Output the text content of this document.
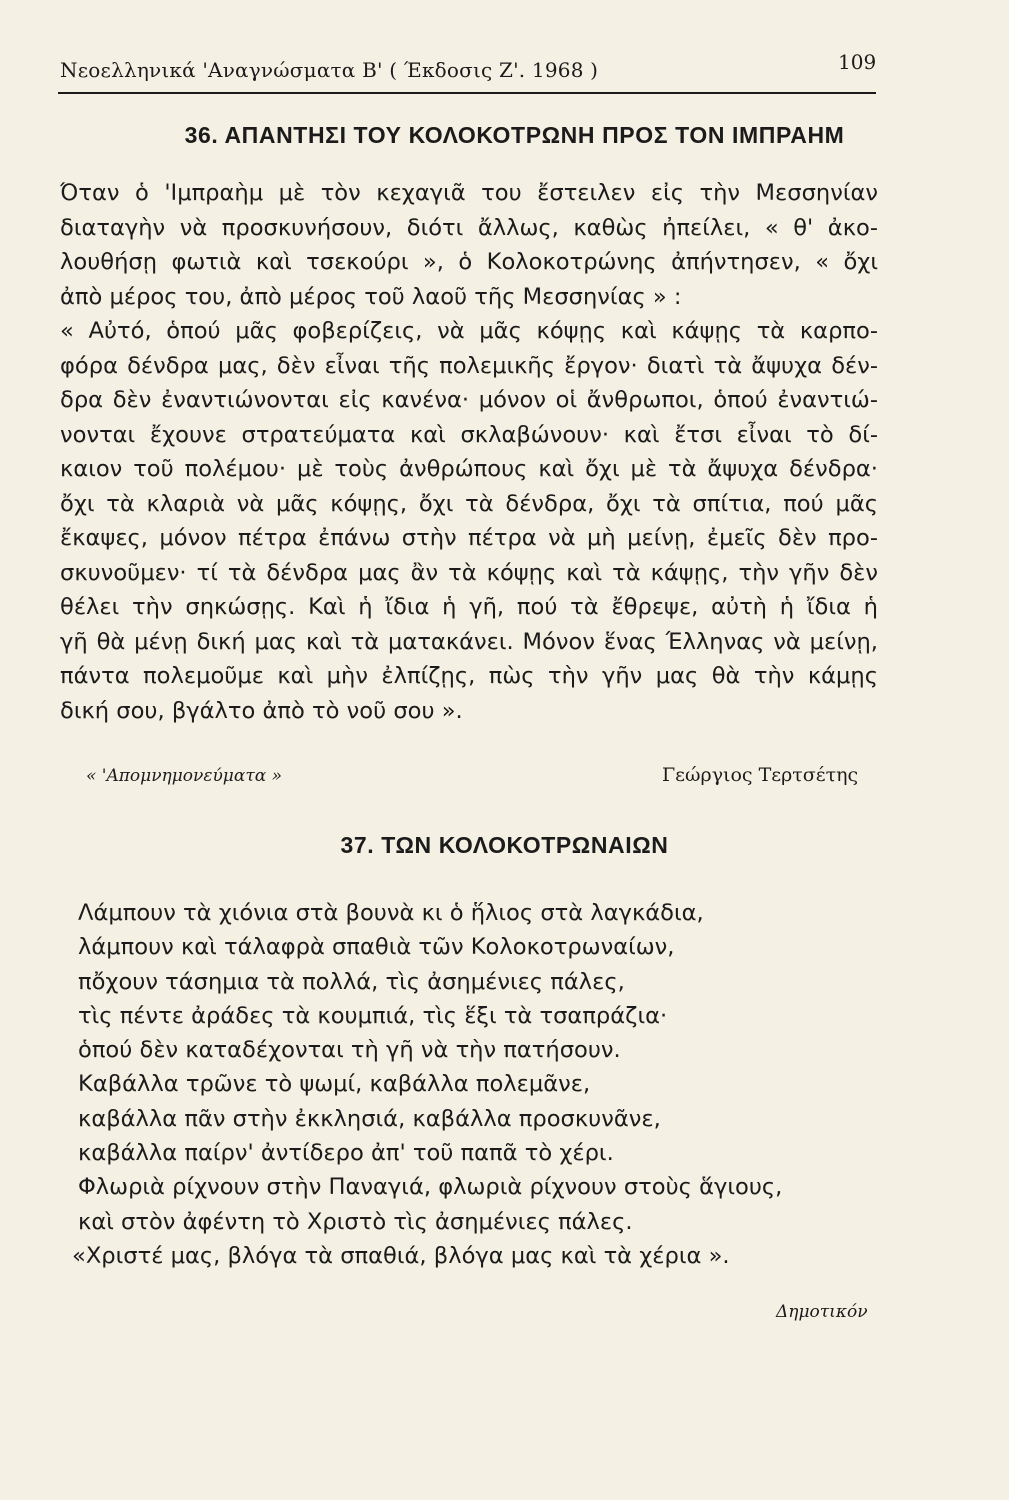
Νεοελληνικά 'Αναγνώσματα Β' ( Έκδοσις Ζ'. 1968 )	109
36. ΑΠΑΝΤΗΣΙ ΤΟΥ ΚΟΛΟΚΟΤΡΩΝΗ ΠΡΟΣ ΤΟΝ ΙΜΠΡΑΗΜ
Όταν ὁ 'Ιμπραὴμ μὲ τὸν κεχαγιᾶ του ἔστειλεν εἰς τὴν Μεσσηνίαν
διαταγὴν νὰ προσκυνήσουν, διότι ἄλλως, καθὼς ἠπείλει, « θ' ἀκο-
λουθήσῃ φωτιὰ καὶ τσεκούρι », ὁ Κολοκοτρώνης ἀπήντησεν, « ὄχι
ἀπὸ μέρος του, ἀπὸ μέρος τοῦ λαοῦ τῆς Μεσσηνίας » :
« Αὐτό, ὁπού μᾶς φοβερίζεις, νὰ μᾶς κόψῃς καὶ κάψῃς τὰ καρπο-
φόρα δένδρα μας, δὲν εἶναι τῆς πολεμικῆς ἔργον· διατὶ τὰ ἄψυχα δέν-
δρα δὲν ἐναντιώνονται εἰς κανένα· μόνον οἱ ἄνθρωποι, ὁπού ἐναντιώ-
νονται ἔχουνε στρατεύματα καὶ σκλαβώνουν· καὶ ἔτσι εἶναι τὸ δί-
καιον τοῦ πολέμου· μὲ τοὺς ἀνθρώπους καὶ ὄχι μὲ τὰ ἄψυχα δένδρα·
ὄχι τὰ κλαριὰ νὰ μᾶς κόψῃς, ὄχι τὰ δένδρα, ὄχι τὰ σπίτια, πού μᾶς
ἔκαψες, μόνον πέτρα ἐπάνω στὴν πέτρα νὰ μὴ μείνῃ, ἐμεῖς δὲν προ-
σκυνοῦμεν· τί τὰ δένδρα μας ἂν τὰ κόψῃς καὶ τὰ κάψῃς, τὴν γῆν δὲν
θέλει τὴν σηκώσῃς. Καὶ ἡ ἴδια ἡ γῆ, πού τὰ ἔθρεψε, αὐτὴ ἡ ἴδια ἡ
γῆ θὰ μένῃ δική μας καὶ τὰ ματακάνει. Μόνον ἕνας Έλληνας νὰ μείνῃ,
πάντα πολεμοῦμε καὶ μὴν ἐλπίζῃς, πὼς τὴν γῆν μας θὰ τὴν κάμῃς
δική σου, βγάλτο ἀπὸ τὸ νοῦ σου ».
« 'Απομνημονεύματα »	Γεώργιος Τερτσέτης
37. ΤΩΝ ΚΟΛΟΚΟΤΡΩΝΑΙΩΝ
Λάμπουν τὰ χιόνια στὰ βουνὰ κι ὁ ἥλιος στὰ λαγκάδια,
λάμπουν καὶ τάλαφρὰ σπαθιὰ τῶν Κολοκοτρωναίων,
πὄχουν τάσημια τὰ πολλά, τὶς ἀσημένιες πάλες,
τὶς πέντε ἀράδες τὰ κουμπιά, τὶς ἕξι τὰ τσαπράζια·
ὁπού δὲν καταδέχονται τὴ γῆ νὰ τὴν πατήσουν.
Καβάλλα τρῶνε τὸ ψωμί, καβάλλα πολεμᾶνε,
καβάλλα πᾶν στὴν ἐκκλησιά, καβάλλα προσκυνᾶνε,
καβάλλα παίρν' ἀντίδερο ἀπ' τοῦ παπᾶ τὸ χέρι.
Φλωριὰ ρίχνουν στὴν Παναγιά, φλωριὰ ρίχνουν στοὺς ἅγιους,
καὶ στὸν ἀφέντη τὸ Χριστὸ τὶς ἀσημένιες πάλες.
«Χριστέ μας, βλόγα τὰ σπαθιά, βλόγα μας καὶ τὰ χέρια ».
Δημοτικόν
